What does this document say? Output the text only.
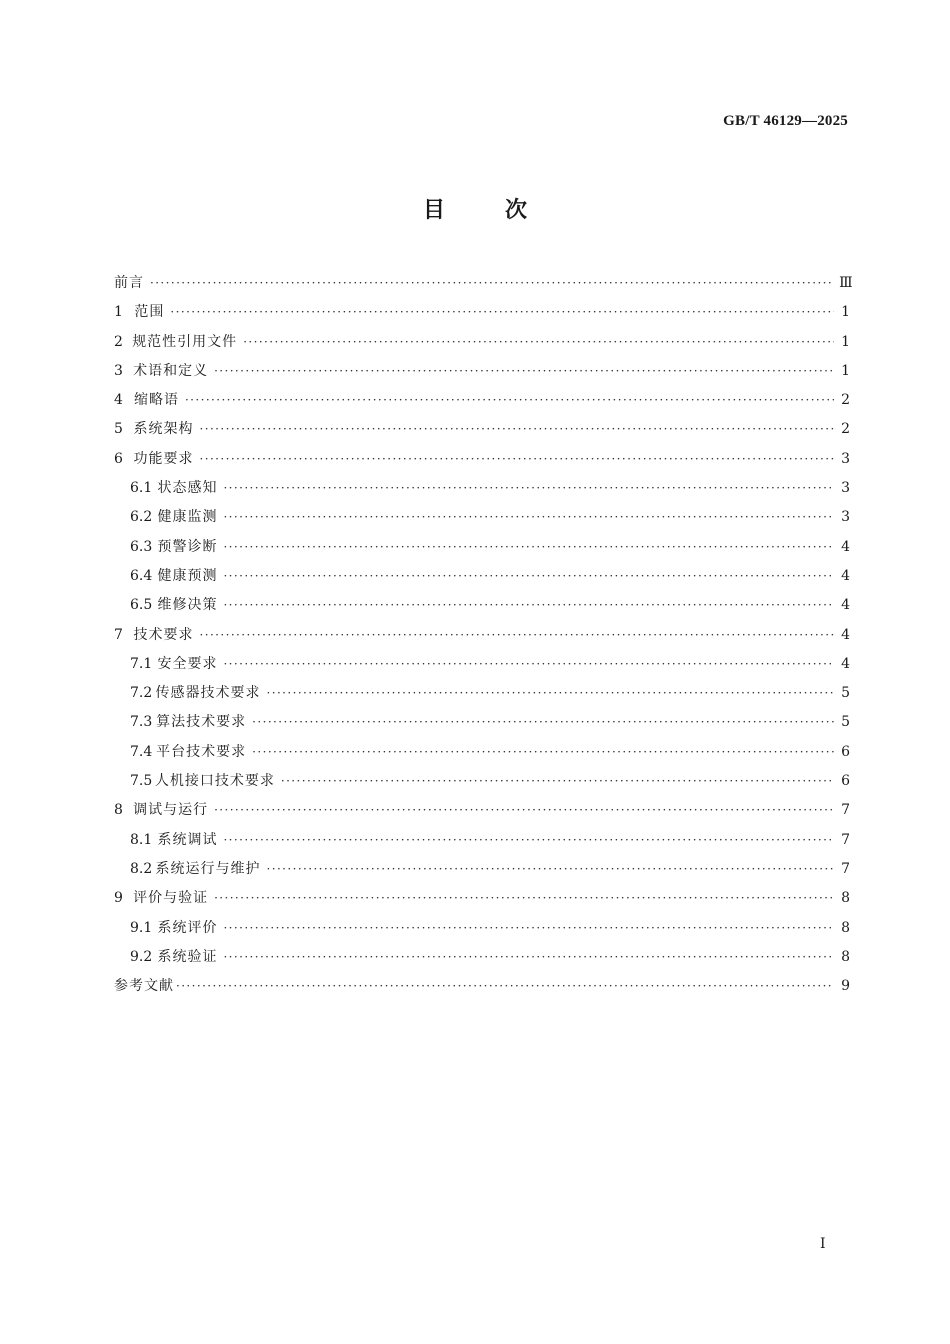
GB/T 46129—2025
目次
前言 ·····	Ⅲ
1 范围 ·····	1
2 规范性引用文件 ·····	1
3 术语和定义 ·····	1
4 缩略语 ·····	2
5 系统架构 ·····	2
6 功能要求 ·····	3
6.1 状态感知 ·····	3
6.2 健康监测 ·····	3
6.3 预警诊断 ·····	4
6.4 健康预测 ·····	4
6.5 维修决策 ·····	4
7 技术要求 ·····	4
7.1 安全要求 ·····	4
7.2 传感器技术要求 ·····	5
7.3 算法技术要求 ·····	5
7.4 平台技术要求 ·····	6
7.5 人机接口技术要求 ·····	6
8 调试与运行 ·····	7
8.1 系统调试 ·····	7
8.2 系统运行与维护 ·····	7
9 评价与验证 ·····	8
9.1 系统评价 ·····	8
9.2 系统验证 ·····	8
参考文献 ·····	9
Ⅰ
